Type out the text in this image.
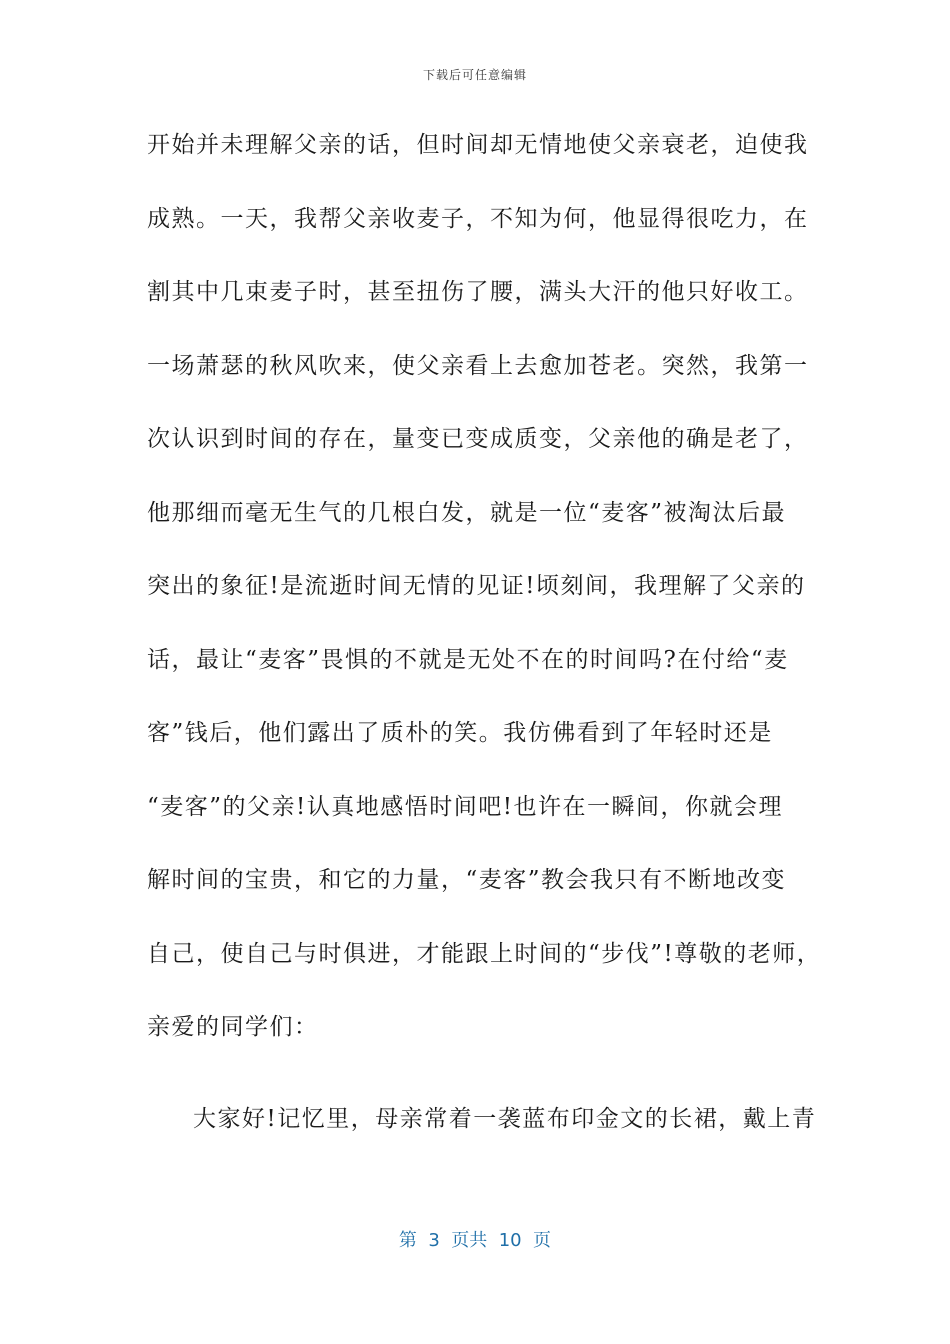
下载后可任意编辑
开始并未理解父亲的话，但时间却无情地使父亲衰老，迫使我
成熟。一天，我帮父亲收麦子，不知为何，他显得很吃力，在
割其中几束麦子时，甚至扭伤了腰，满头大汗的他只好收工。
一场萧瑟的秋风吹来，使父亲看上去愈加苍老。突然，我第一
次认识到时间的存在，量变已变成质变，父亲他的确是老了，
他那细而毫无生气的几根白发，就是一位“麦客”被淘汰后最
突出的象征!是流逝时间无情的见证!顷刻间，我理解了父亲的
话，最让“麦客”畏惧的不就是无处不在的时间吗?在付给“麦
客”钱后，他们露出了质朴的笑。我仿佛看到了年轻时还是
“麦客”的父亲!认真地感悟时间吧!也许在一瞬间，你就会理
解时间的宝贵，和它的力量，“麦客”教会我只有不断地改变
自己，使自己与时俱进，才能跟上时间的“步伐”!尊敬的老师，
亲爱的同学们：
大家好!记忆里，母亲常着一袭蓝布印金文的长裙，戴上青
第  3  页共  10  页
